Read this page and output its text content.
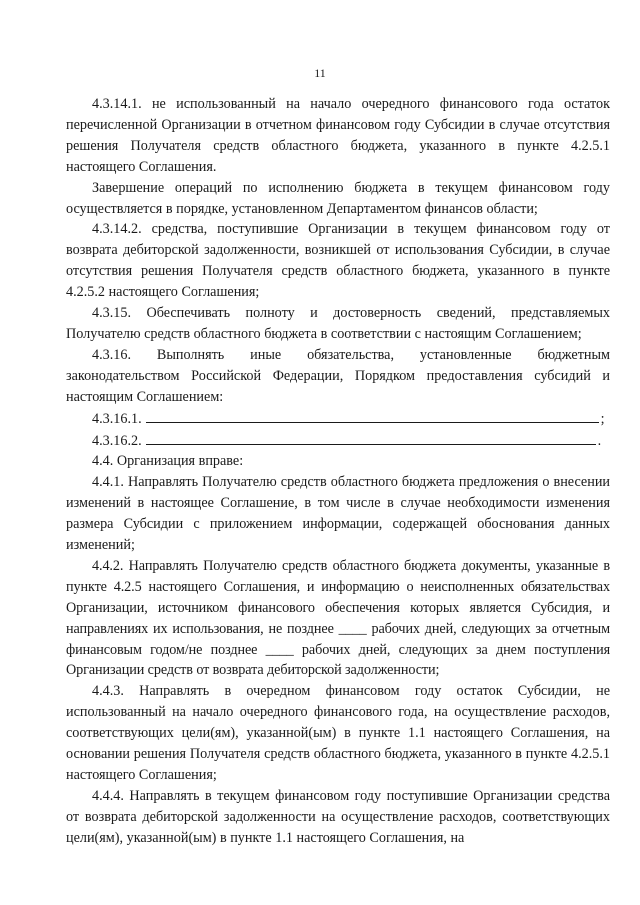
11

4.3.14.1. не использованный на начало очередного финансового года остаток перечисленной Организации в отчетном финансовом году Субсидии в случае отсутствия решения Получателя средств областного бюджета, указанного в пункте 4.2.5.1 настоящего Соглашения.

Завершение операций по исполнению бюджета в текущем финансовом году осуществляется в порядке, установленном Департаментом финансов области;

4.3.14.2. средства, поступившие Организации в текущем финансовом году от возврата дебиторской задолженности, возникшей от использования Субсидии, в случае отсутствия решения Получателя средств областного бюджета, указанного в пункте 4.2.5.2 настоящего Соглашения;

4.3.15. Обеспечивать полноту и достоверность сведений, представляемых Получателю средств областного бюджета в соответствии с настоящим Соглашением;

4.3.16. Выполнять иные обязательства, установленные бюджетным законодательством Российской Федерации, Порядком предоставления субсидий и настоящим Соглашением:

4.3.16.1.	;
4.3.16.2.	.

4.4. Организация вправе:

4.4.1. Направлять Получателю средств областного бюджета предложения о внесении изменений в настоящее Соглашение, в том числе в случае необходимости изменения размера Субсидии с приложением информации, содержащей обоснования данных изменений;

4.4.2. Направлять Получателю средств областного бюджета документы, указанные в пункте 4.2.5 настоящего Соглашения, и информацию о неисполненных обязательствах Организации, источником финансового обеспечения которых является Субсидия, и направлениях их использования, не позднее ____ рабочих дней, следующих за отчетным финансовым годом/не позднее ____ рабочих дней, следующих за днем поступления Организации средств от возврата дебиторской задолженности;

4.4.3. Направлять в очередном финансовом году остаток Субсидии, не использованный на начало очередного финансового года, на осуществление расходов, соответствующих цели(ям), указанной(ым) в пункте 1.1 настоящего Соглашения, на основании решения Получателя средств областного бюджета, указанного в пункте 4.2.5.1 настоящего Соглашения;

4.4.4. Направлять в текущем финансовом году поступившие Организации средства от возврата дебиторской задолженности на осуществление расходов, соответствующих цели(ям), указанной(ым) в пункте 1.1 настоящего Соглашения, на
